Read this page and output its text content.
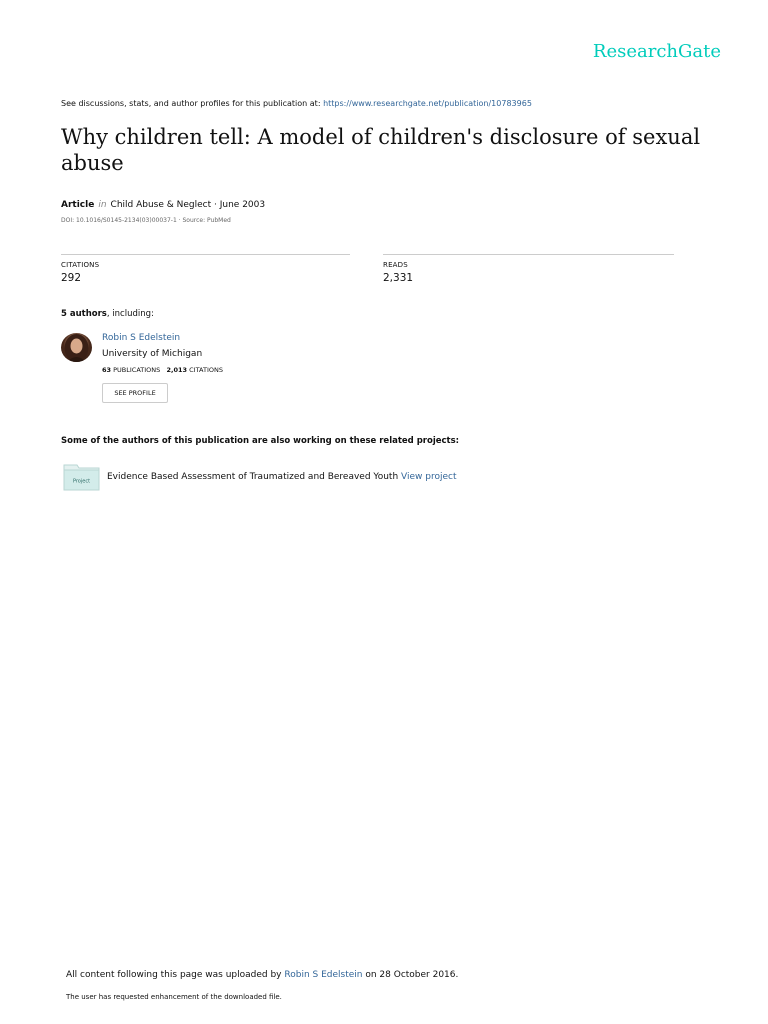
ResearchGate
See discussions, stats, and author profiles for this publication at: https://www.researchgate.net/publication/10783965
Why children tell: A model of children's disclosure of sexual abuse
Article in Child Abuse & Neglect · June 2003
DOI: 10.1016/S0145-2134(03)00037-1 · Source: PubMed
CITATIONS
292
READS
2,331
5 authors, including:
Robin S Edelstein
University of Michigan
63 PUBLICATIONS 2,013 CITATIONS
SEE PROFILE
Some of the authors of this publication are also working on these related projects:
Project Evidence Based Assessment of Traumatized and Bereaved Youth View project
All content following this page was uploaded by Robin S Edelstein on 28 October 2016.
The user has requested enhancement of the downloaded file.
